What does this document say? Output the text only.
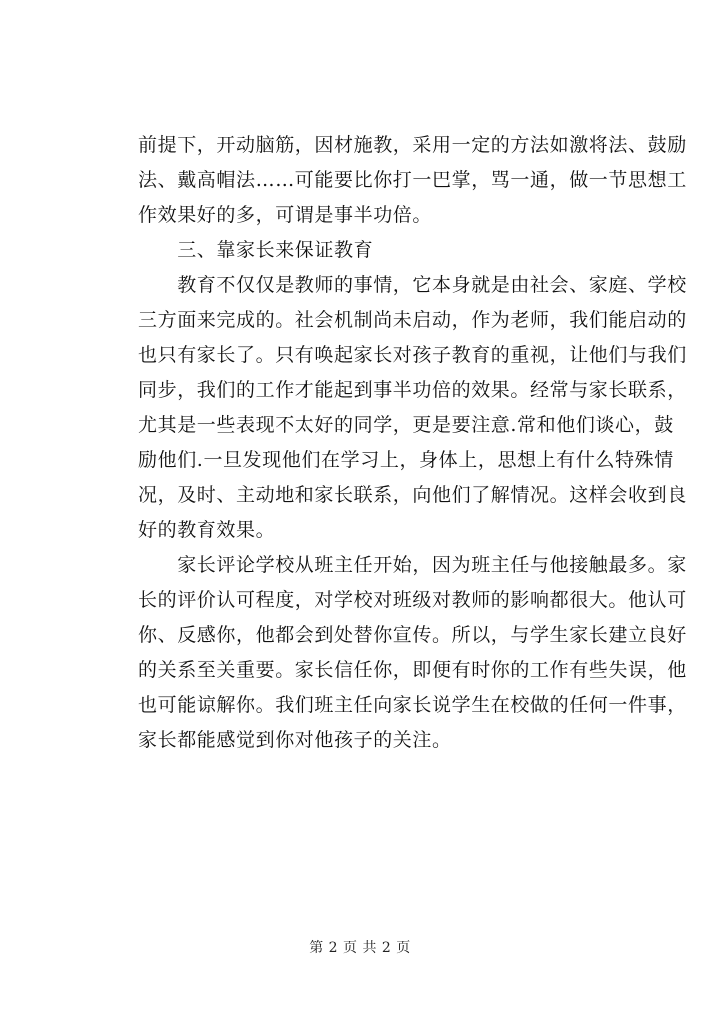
前提下，开动脑筋，因材施教，采用一定的方法如激将法、鼓励
法、戴高帽法……可能要比你打一巴掌，骂一通，做一节思想工
作效果好的多，可谓是事半功倍。

　　三、靠家长来保证教育

　　教育不仅仅是教师的事情，它本身就是由社会、家庭、学校
三方面来完成的。社会机制尚未启动，作为老师，我们能启动的
也只有家长了。只有唤起家长对孩子教育的重视，让他们与我们
同步，我们的工作才能起到事半功倍的效果。经常与家长联系，
尤其是一些表现不太好的同学，更是要注意.常和他们谈心，鼓
励他们.一旦发现他们在学习上，身体上，思想上有什么特殊情
况，及时、主动地和家长联系，向他们了解情况。这样会收到良
好的教育效果。

　　家长评论学校从班主任开始，因为班主任与他接触最多。家
长的评价认可程度，对学校对班级对教师的影响都很大。他认可
你、反感你，他都会到处替你宣传。所以，与学生家长建立良好
的关系至关重要。家长信任你，即便有时你的工作有些失误，他
也可能谅解你。我们班主任向家长说学生在校做的任何一件事，
家长都能感觉到你对他孩子的关注。

第 2 页 共 2 页
